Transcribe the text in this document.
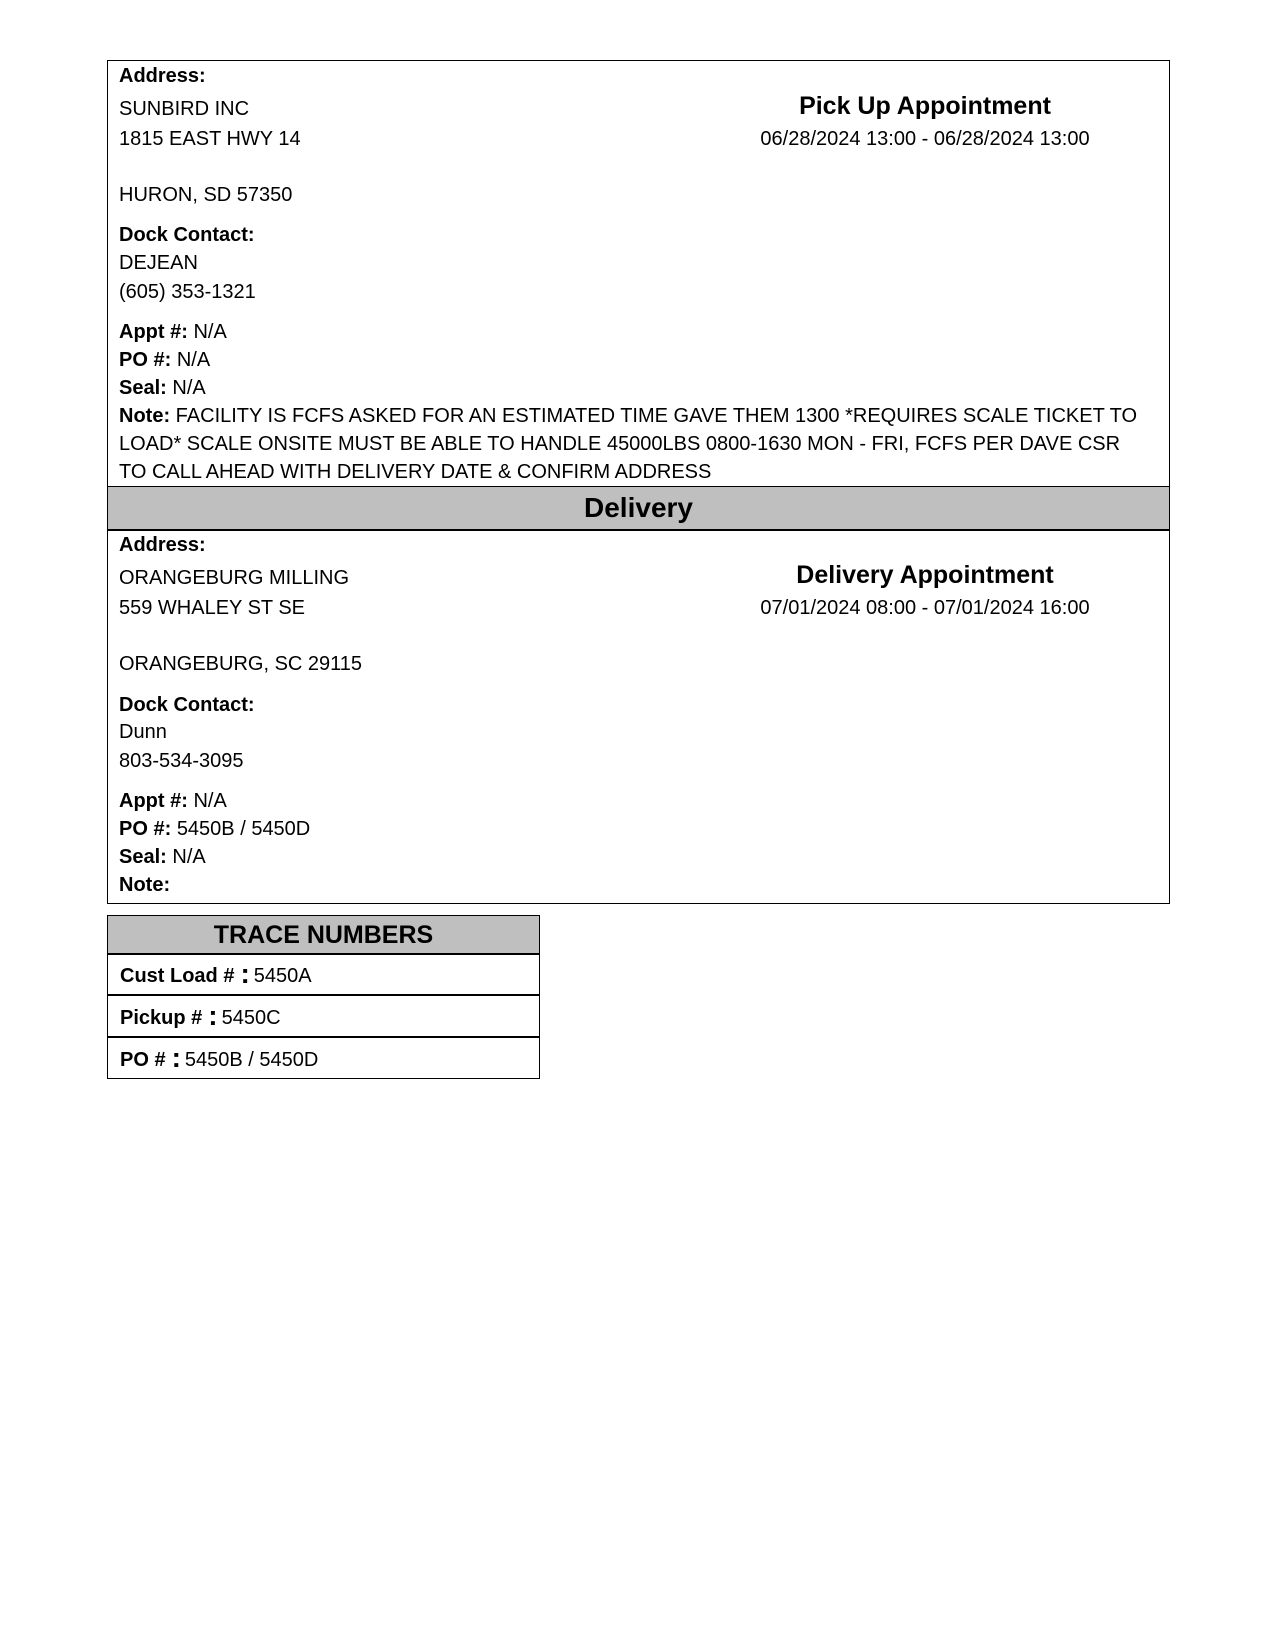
Delivery
Address:
SUNBIRD INC
1815 EAST HWY 14
HURON, SD 57350
Pick Up Appointment
06/28/2024 13:00 - 06/28/2024 13:00
Dock Contact:
DEJEAN
(605) 353-1321
Appt #: N/A
PO #: N/A
Seal: N/A
Note: FACILITY IS FCFS ASKED FOR AN ESTIMATED TIME GAVE THEM 1300 *REQUIRES SCALE TICKET TO LOAD* SCALE ONSITE MUST BE ABLE TO HANDLE 45000LBS 0800-1630 MON - FRI, FCFS PER DAVE CSR TO CALL AHEAD WITH DELIVERY DATE & CONFIRM ADDRESS
Address:
ORANGEBURG MILLING
559 WHALEY ST SE
ORANGEBURG, SC 29115
Delivery Appointment
07/01/2024 08:00 - 07/01/2024 16:00
Dock Contact:
Dunn
803-534-3095
Appt #: N/A
PO #: 5450B / 5450D
Seal: N/A
Note:
TRACE NUMBERS
Cust Load # : 5450A
Pickup # : 5450C
PO # : 5450B / 5450D
